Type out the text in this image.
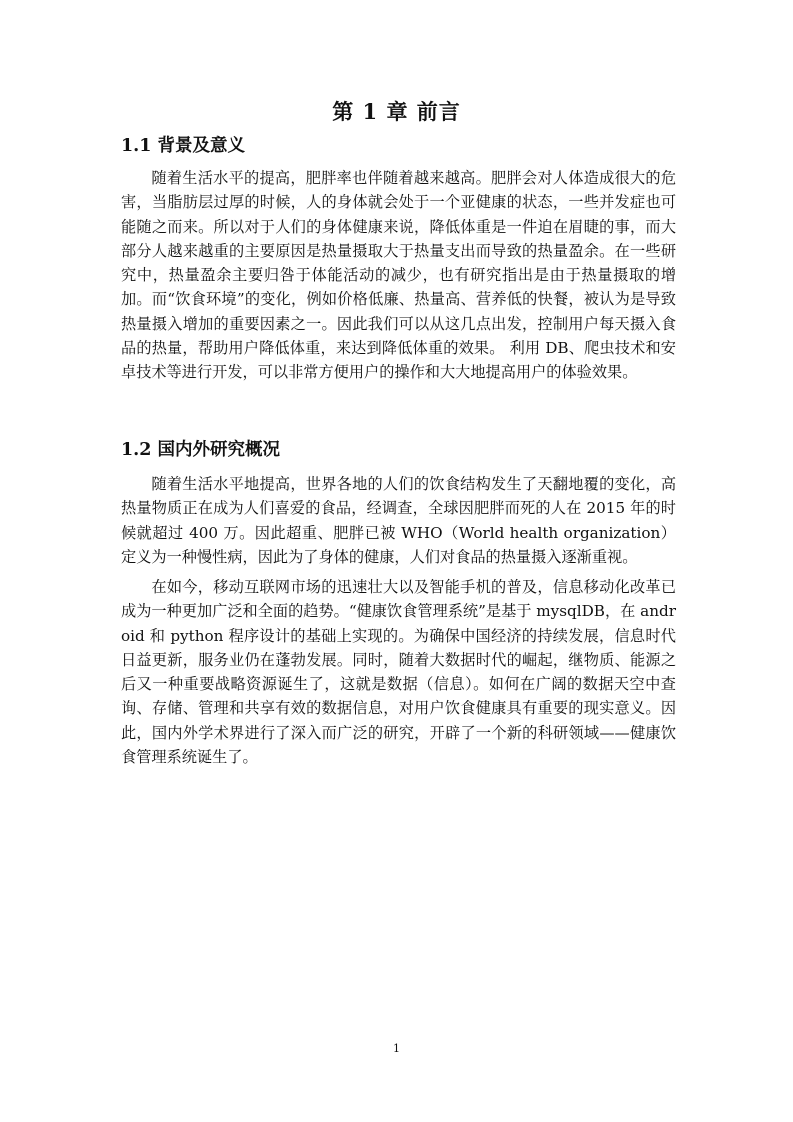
第 1 章 前言
1.1 背景及意义

随着生活水平的提高，肥胖率也伴随着越来越高。肥胖会对人体造成很大的危害，当脂肪层过厚的时候，人的身体就会处于一个亚健康的状态，一些并发症也可能随之而来。所以对于人们的身体健康来说，降低体重是一件迫在眉睫的事，而大部分人越来越重的主要原因是热量摄取大于热量支出而导致的热量盈余。在一些研究中，热量盈余主要归咎于体能活动的减少，也有研究指出是由于热量摄取的增加。而“饮食环境”的变化，例如价格低廉、热量高、营养低的快餐，被认为是导致热量摄入增加的重要因素之一。因此我们可以从这几点出发，控制用户每天摄入食品的热量，帮助用户降低体重，来达到降低体重的效果。 利用 DB、爬虫技术和安卓技术等进行开发，可以非常方便用户的操作和大大地提高用户的体验效果。

1.2 国内外研究概况

随着生活水平地提高，世界各地的人们的饮食结构发生了天翻地覆的变化，高热量物质正在成为人们喜爱的食品，经调查，全球因肥胖而死的人在 2015 年的时候就超过 400 万。因此超重、肥胖已被 WHO（World health organization）定义为一种慢性病，因此为了身体的健康，人们对食品的热量摄入逐渐重视。

在如今，移动互联网市场的迅速壮大以及智能手机的普及，信息移动化改革已成为一种更加广泛和全面的趋势。“健康饮食管理系统”是基于 mysqlDB，在 android 和 python 程序设计的基础上实现的。为确保中国经济的持续发展，信息时代日益更新，服务业仍在蓬勃发展。同时，随着大数据时代的崛起，继物质、能源之后又一种重要战略资源诞生了，这就是数据（信息）。如何在广阔的数据天空中查询、存储、管理和共享有效的数据信息，对用户饮食健康具有重要的现实意义。因此，国内外学术界进行了深入而广泛的研究，开辟了一个新的科研领域——健康饮食管理系统诞生了。

1
